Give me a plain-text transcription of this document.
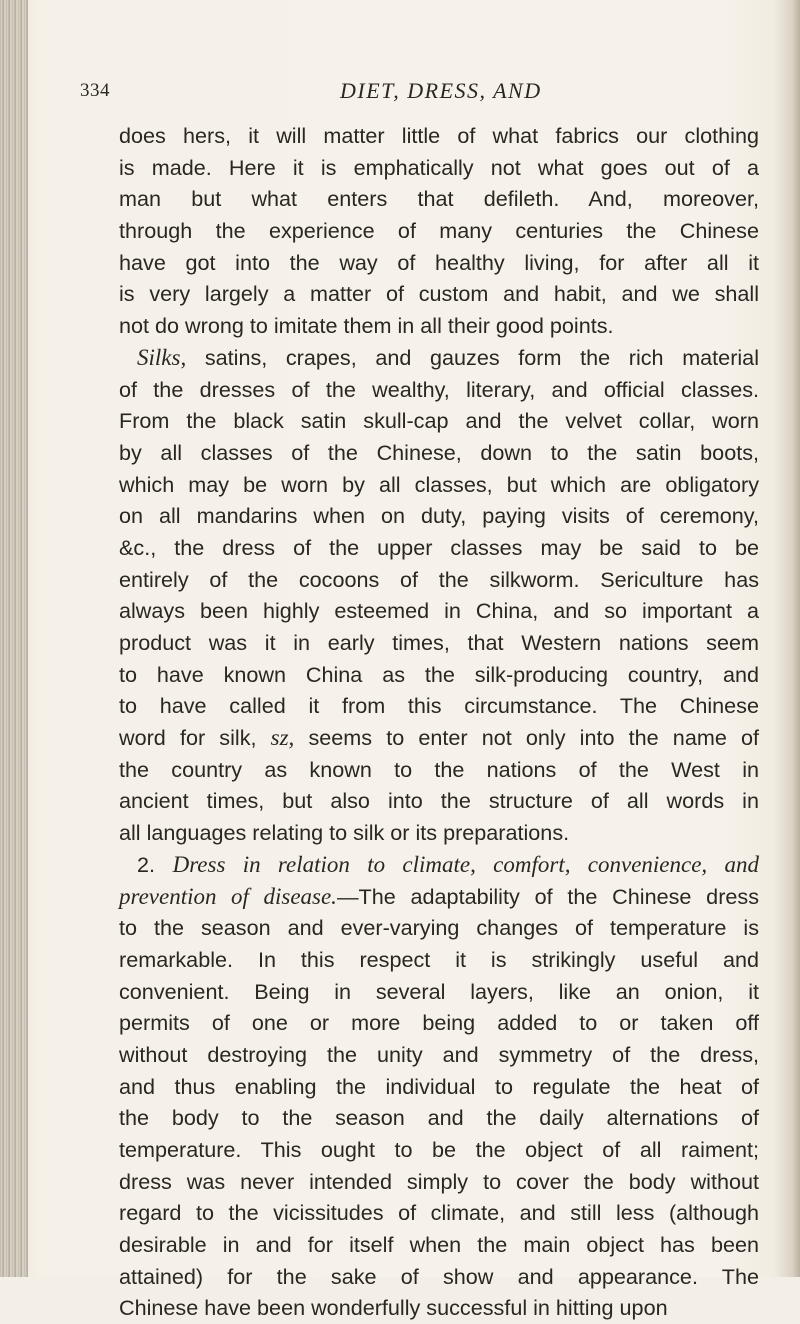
334	DIET, DRESS, AND
does hers, it will matter little of what fabrics our clothing
is made. Here it is emphatically not what goes out of a
man but what enters that defileth. And, moreover,
through the experience of many centuries the Chinese
have got into the way of healthy living, for after all it
is very largely a matter of custom and habit, and we shall
not do wrong to imitate them in all their good points.
Silks, satins, crapes, and gauzes form the rich material
of the dresses of the wealthy, literary, and official classes.
From the black satin skull-cap and the velvet collar, worn
by all classes of the Chinese, down to the satin boots,
which may be worn by all classes, but which are obligatory
on all mandarins when on duty, paying visits of ceremony,
&c., the dress of the upper classes may be said to be
entirely of the cocoons of the silkworm. Sericulture has
always been highly esteemed in China, and so important a
product was it in early times, that Western nations seem
to have known China as the silk-producing country, and
to have called it from this circumstance. The Chinese
word for silk, sz, seems to enter not only into the name of
the country as known to the nations of the West in
ancient times, but also into the structure of all words in
all languages relating to silk or its preparations.
2. Dress in relation to climate, comfort, convenience, and
prevention of disease.—The adaptability of the Chinese dress
to the season and ever-varying changes of temperature is
remarkable. In this respect it is strikingly useful and
convenient. Being in several layers, like an onion, it
permits of one or more being added to or taken off
without destroying the unity and symmetry of the dress,
and thus enabling the individual to regulate the heat of
the body to the season and the daily alternations of
temperature. This ought to be the object of all raiment;
dress was never intended simply to cover the body without
regard to the vicissitudes of climate, and still less (although
desirable in and for itself when the main object has been
attained) for the sake of show and appearance. The
Chinese have been wonderfully successful in hitting upon
